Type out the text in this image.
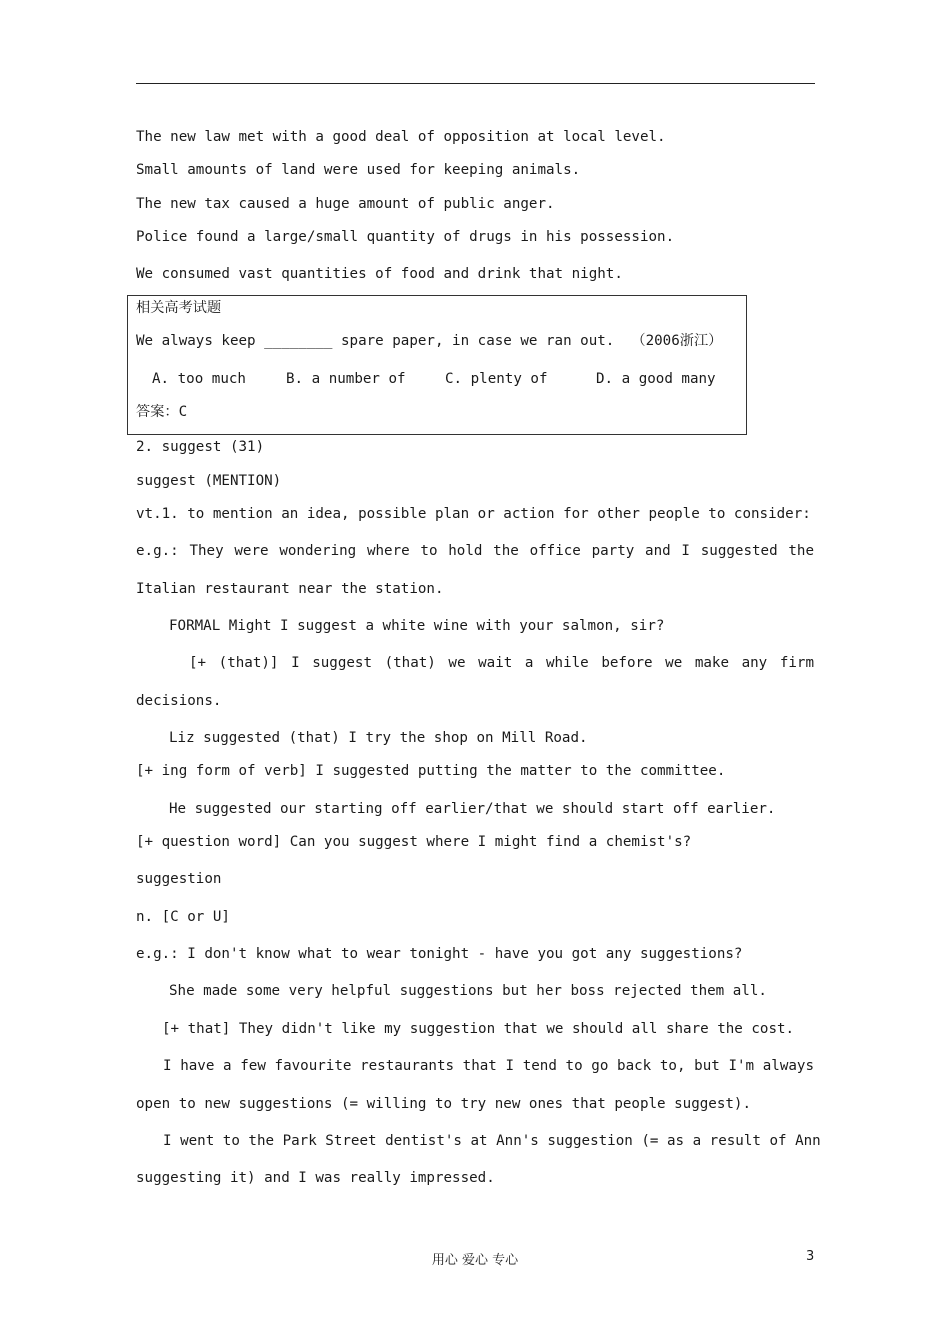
The new law met with a good deal of opposition at local level.
Small amounts of land were used for keeping animals.
The new tax caused a huge amount of public anger.
Police found a large/small quantity of drugs in his possession.
We consumed vast quantities of food and drink that night.
相关高考试题
We always keep ________ spare paper, in case we ran out.  （2006浙江）
A. too much	B. a number of	C. plenty of	D. a good many
答案：C
2. suggest (31)
suggest (MENTION)
vt.1. to mention an idea, possible plan or action for other people to consider:
e.g.: They were wondering where to hold the office party and I suggested the
Italian restaurant near the station.
FORMAL Might I suggest a white wine with your salmon, sir?
[+ (that)] I suggest (that) we wait a while before we make any firm
decisions.
Liz suggested (that) I try the shop on Mill Road.
[+ ing form of verb] I suggested putting the matter to the committee.
He suggested our starting off earlier/that we should start off earlier.
[+ question word] Can you suggest where I might find a chemist's?
suggestion
n. [C or U]
e.g.: I don't know what to wear tonight - have you got any suggestions?
She made some very helpful suggestions but her boss rejected them all.
[+ that] They didn't like my suggestion that we should all share the cost.
I have a few favourite restaurants that I tend to go back to, but I'm always
open to new suggestions (= willing to try new ones that people suggest).
I went to the Park Street dentist's at Ann's suggestion (= as a result of Ann
suggesting it) and I was really impressed.
用心 爱心 专心	3
